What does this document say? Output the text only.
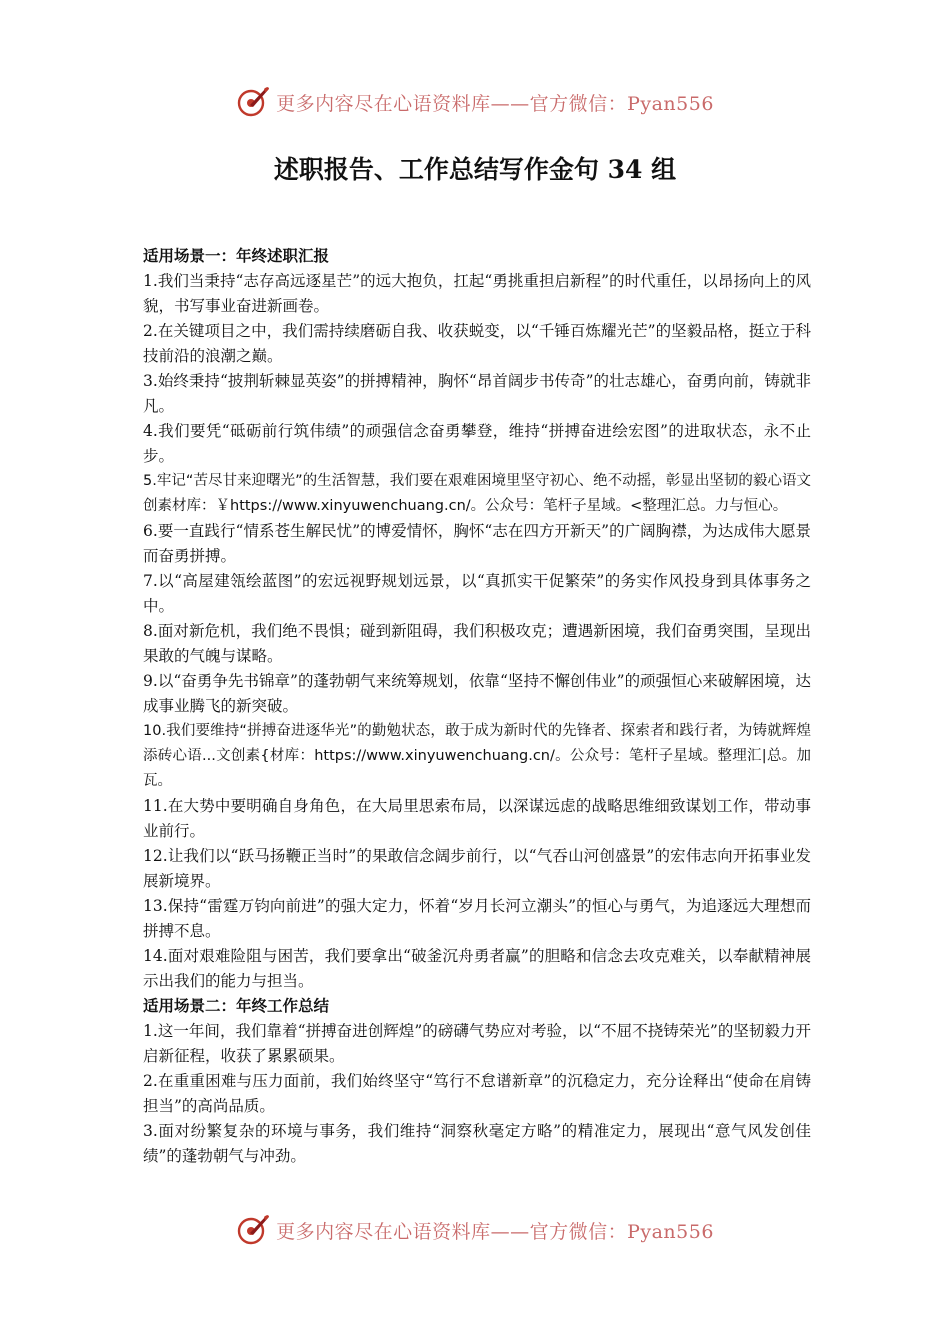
更多内容尽在心语资料库——官方微信：Pyan556
述职报告、工作总结写作金句 34 组

适用场景一：年终述职汇报

1.我们当秉持“志存高远逐星芒”的远大抱负，扛起“勇挑重担启新程”的时代重任，以昂扬向上的风貌，书写事业奋进新画卷。

2.在关键项目之中，我们需持续磨砺自我、收获蜕变，以“千锤百炼耀光芒”的坚毅品格，挺立于科技前沿的浪潮之巅。

3.始终秉持“披荆斩棘显英姿”的拼搏精神，胸怀“昂首阔步书传奇”的壮志雄心，奋勇向前，铸就非凡。

4.我们要凭“砥砺前行筑伟绩”的顽强信念奋勇攀登，维持“拼搏奋进绘宏图”的进取状态，永不止步。

5.牢记“苦尽甘来迎曙光”的生活智慧，我们要在艰难困境里坚守初心、绝不动摇，彰显出坚韧的毅心语文创素材库：￥https://www.xinyuwenchuang.cn/。公众号：笔杆子星域。<整理汇总。力与恒心。

6.要一直践行“情系苍生解民忧”的博爱情怀，胸怀“志在四方开新天”的广阔胸襟，为达成伟大愿景而奋勇拼搏。

7.以“高屋建瓴绘蓝图”的宏远视野规划远景，以“真抓实干促繁荣”的务实作风投身到具体事务之中。

8.面对新危机，我们绝不畏惧；碰到新阻碍，我们积极攻克；遭遇新困境，我们奋勇突围，呈现出果敢的气魄与谋略。

9.以“奋勇争先书锦章”的蓬勃朝气来统筹规划，依靠“坚持不懈创伟业”的顽强恒心来破解困境，达成事业腾飞的新突破。

10.我们要维持“拼搏奋进逐华光”的勤勉状态，敢于成为新时代的先锋者、探索者和践行者，为铸就辉煌添砖心语...文创素{材库：https://www.xinyuwenchuang.cn/。公众号：笔杆子星域。整理汇|总。加瓦。

11.在大势中要明确自身角色，在大局里思索布局，以深谋远虑的战略思维细致谋划工作，带动事业前行。

12.让我们以“跃马扬鞭正当时”的果敢信念阔步前行，以“气吞山河创盛景”的宏伟志向开拓事业发展新境界。

13.保持“雷霆万钧向前进”的强大定力，怀着“岁月长河立潮头”的恒心与勇气，为追逐远大理想而拼搏不息。

14.面对艰难险阻与困苦，我们要拿出“破釜沉舟勇者赢”的胆略和信念去攻克难关，以奉献精神展示出我们的能力与担当。

适用场景二：年终工作总结

1.这一年间，我们靠着“拼搏奋进创辉煌”的磅礴气势应对考验，以“不屈不挠铸荣光”的坚韧毅力开启新征程，收获了累累硕果。

2.在重重困难与压力面前，我们始终坚守“笃行不怠谱新章”的沉稳定力，充分诠释出“使命在肩铸担当”的高尚品质。

3.面对纷繁复杂的环境与事务，我们维持“洞察秋毫定方略”的精准定力，展现出“意气风发创佳绩”的蓬勃朝气与冲劲。

更多内容尽在心语资料库——官方微信：Pyan556
